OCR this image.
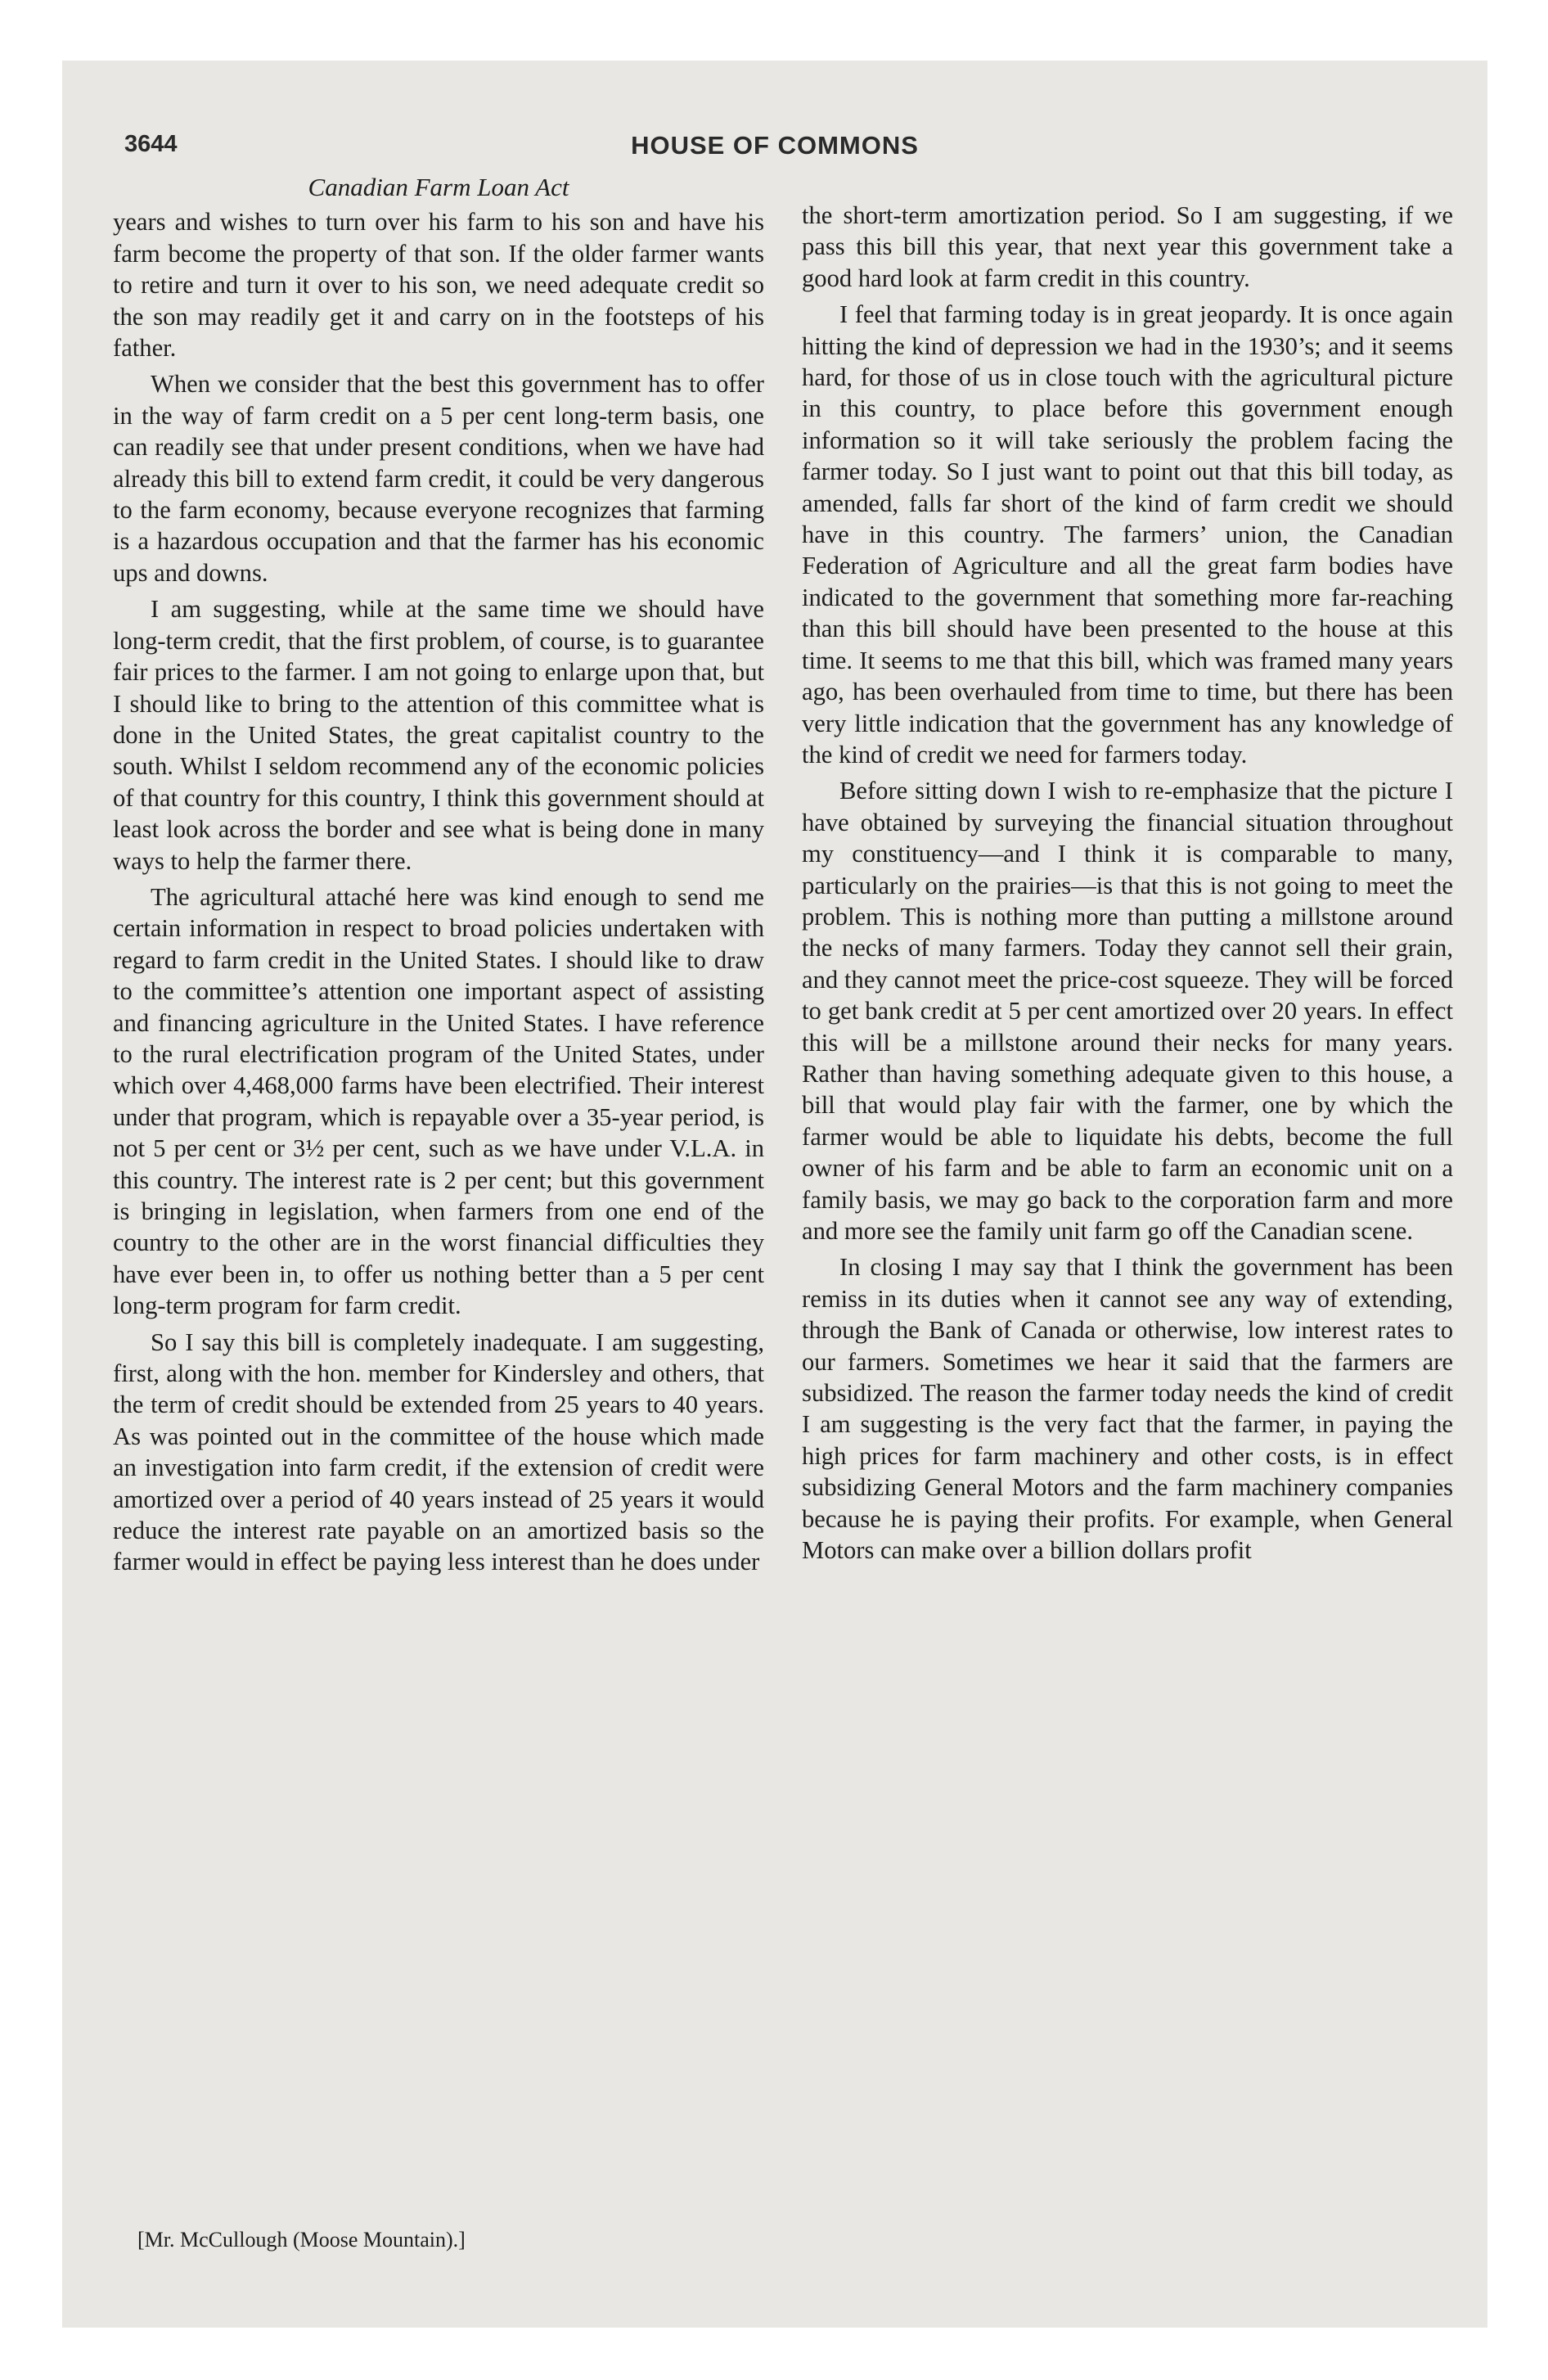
3644	HOUSE OF COMMONS
Canadian Farm Loan Act

years and wishes to turn over his farm to his son and have his farm become the property of that son. If the older farmer wants to retire and turn it over to his son, we need adequate credit so the son may readily get it and carry on in the footsteps of his father.

When we consider that the best this government has to offer in the way of farm credit on a 5 per cent long-term basis, one can readily see that under present conditions, when we have had already this bill to extend farm credit, it could be very dangerous to the farm economy, because everyone recognizes that farming is a hazardous occupation and that the farmer has his economic ups and downs.

I am suggesting, while at the same time we should have long-term credit, that the first problem, of course, is to guarantee fair prices to the farmer. I am not going to enlarge upon that, but I should like to bring to the attention of this committee what is done in the United States, the great capitalist country to the south. Whilst I seldom recommend any of the economic policies of that country for this country, I think this government should at least look across the border and see what is being done in many ways to help the farmer there.

The agricultural attaché here was kind enough to send me certain information in respect to broad policies undertaken with regard to farm credit in the United States. I should like to draw to the committee’s attention one important aspect of assisting and financing agriculture in the United States. I have reference to the rural electrification program of the United States, under which over 4,468,000 farms have been electrified. Their interest under that program, which is repayable over a 35-year period, is not 5 per cent or 3½ per cent, such as we have under V.L.A. in this country. The interest rate is 2 per cent; but this government is bringing in legislation, when farmers from one end of the country to the other are in the worst financial difficulties they have ever been in, to offer us nothing better than a 5 per cent long-term program for farm credit.

So I say this bill is completely inadequate. I am suggesting, first, along with the hon. member for Kindersley and others, that the term of credit should be extended from 25 years to 40 years. As was pointed out in the committee of the house which made an investigation into farm credit, if the extension of credit were amortized over a period of 40 years instead of 25 years it would reduce the interest rate payable on an amortized basis so the farmer would in effect be paying less interest than he does under

the short-term amortization period. So I am suggesting, if we pass this bill this year, that next year this government take a good hard look at farm credit in this country.

I feel that farming today is in great jeopardy. It is once again hitting the kind of depression we had in the 1930’s; and it seems hard, for those of us in close touch with the agricultural picture in this country, to place before this government enough information so it will take seriously the problem facing the farmer today. So I just want to point out that this bill today, as amended, falls far short of the kind of farm credit we should have in this country. The farmers’ union, the Canadian Federation of Agriculture and all the great farm bodies have indicated to the government that something more far-reaching than this bill should have been presented to the house at this time. It seems to me that this bill, which was framed many years ago, has been overhauled from time to time, but there has been very little indication that the government has any knowledge of the kind of credit we need for farmers today.

Before sitting down I wish to re-emphasize that the picture I have obtained by surveying the financial situation throughout my constituency—and I think it is comparable to many, particularly on the prairies—is that this is not going to meet the problem. This is nothing more than putting a millstone around the necks of many farmers. Today they cannot sell their grain, and they cannot meet the price-cost squeeze. They will be forced to get bank credit at 5 per cent amortized over 20 years. In effect this will be a millstone around their necks for many years. Rather than having something adequate given to this house, a bill that would play fair with the farmer, one by which the farmer would be able to liquidate his debts, become the full owner of his farm and be able to farm an economic unit on a family basis, we may go back to the corporation farm and more and more see the family unit farm go off the Canadian scene.

In closing I may say that I think the government has been remiss in its duties when it cannot see any way of extending, through the Bank of Canada or otherwise, low interest rates to our farmers. Sometimes we hear it said that the farmers are subsidized. The reason the farmer today needs the kind of credit I am suggesting is the very fact that the farmer, in paying the high prices for farm machinery and other costs, is in effect subsidizing General Motors and the farm machinery companies because he is paying their profits. For example, when General Motors can make over a billion dollars profit

[Mr. McCullough (Moose Mountain).]
